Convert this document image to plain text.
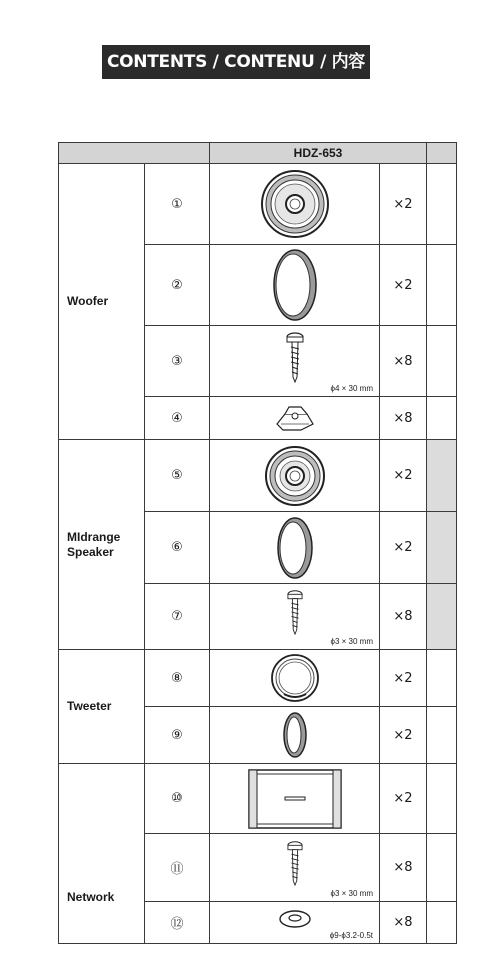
CONTENTS / CONTENU / 内容
		HDZ-653		
Woofer	①		×2	
	②		×2	
	③	ϕ4 × 30 mm	×8	
	④		×8	
MIdrange Speaker	⑤		×2	
	⑥		×2	
	⑦	ϕ3 × 30 mm	×8	
Tweeter	⑧		×2	
	⑨		×2	
Network	⑩		×2	
	⑪	ϕ3 × 30 mm	×8	
	⑫	ϕ9-ϕ3.2-0.5t	×8	
